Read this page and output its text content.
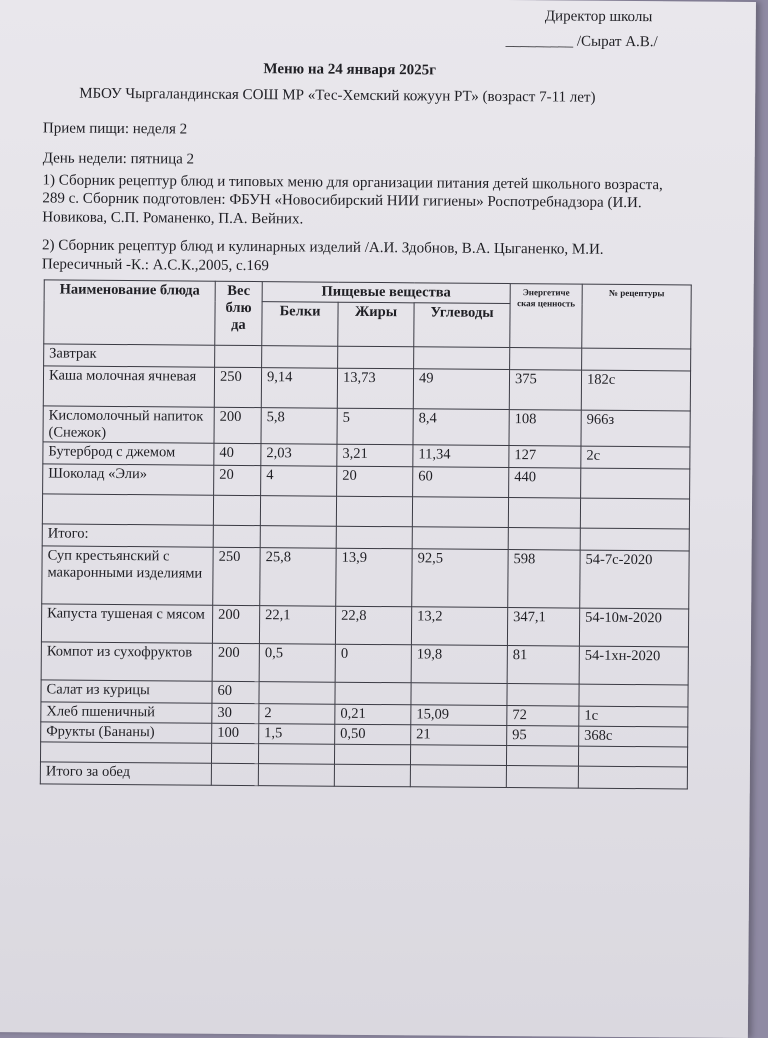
Директор школы
_________ /Сырат А.В./
Меню на 24 января 2025г
МБОУ Чыргаландинская СОШ МР «Тес-Хемский кожуун РТ» (возраст 7-11 лет)
Прием пищи: неделя 2
День недели: пятница 2
1) Сборник рецептур блюд и типовых меню для организации питания детей школьного возраста,
289 с. Сборник подготовлен: ФБУН «Новосибирский НИИ гигиены» Роспотребнадзора (И.И.
Новикова, С.П. Романенко, П.А. Вейних.
2) Сборник рецептур блюд и кулинарных изделий /А.И. Здобнов, В.А. Цыганенко, М.И.
Пересичный -К.: А.С.К.,2005, с.169
Наименование блюда	Вес блю да	Пищевые вещества			Энергетиче ская ценность	№ рецептуры
		Белки	Жиры	Углеводы		
Завтрак						
Каша молочная ячневая	250	9,14	13,73	49	375	182с
Кисломолочный напиток (Снежок)	200	5,8	5	8,4	108	966з
Бутерброд с джемом	40	2,03	3,21	11,34	127	2с
Шоколад «Эли»	20	4	20	60	440	

Итого:						
Суп крестьянский с макаронными изделиями	250	25,8	13,9	92,5	598	54-7с-2020
Капуста тушеная с мясом	200	22,1	22,8	13,2	347,1	54-10м-2020
Компот из сухофруктов	200	0,5	0	19,8	81	54-1хн-2020
Салат из курицы	60					
Хлеб пшеничный	30	2	0,21	15,09	72	1с
Фрукты (Бананы)	100	1,5	0,50	21	95	368с

Итого за обед						
